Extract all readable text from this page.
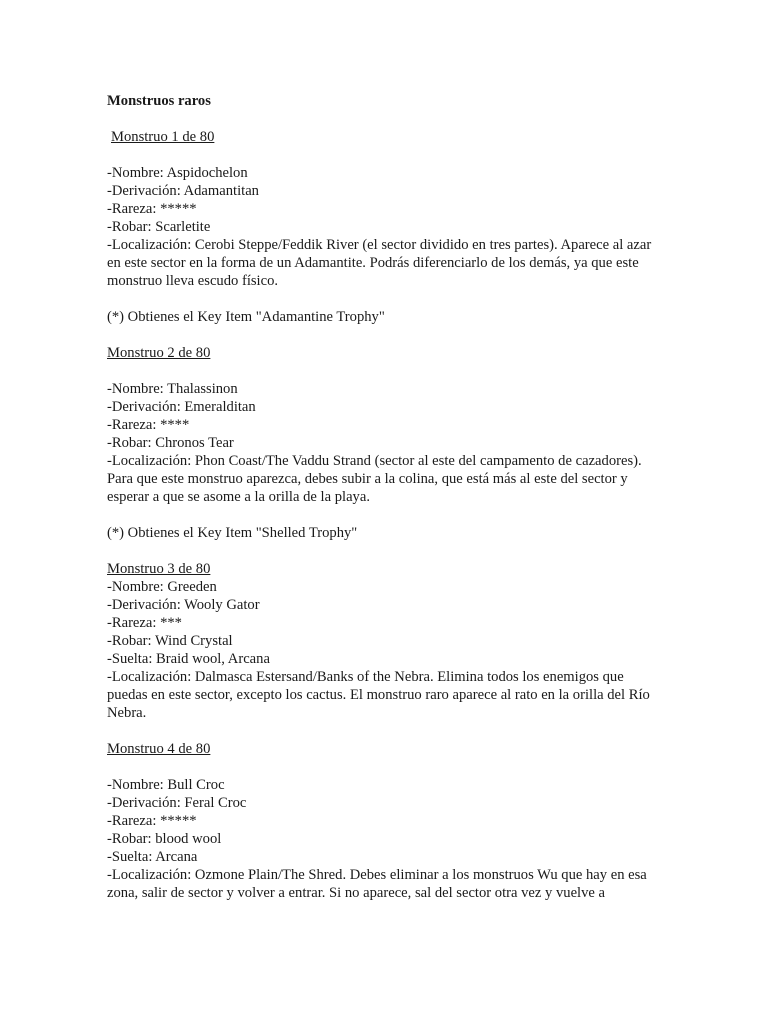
Monstruos raros
Monstruo 1 de 80
-Nombre: Aspidochelon
-Derivación: Adamantitan
-Rareza: *****
-Robar: Scarletite
-Localización: Cerobi Steppe/Feddik River (el sector dividido en tres partes). Aparece al azar en este sector en la forma de un Adamantite. Podrás diferenciarlo de los demás, ya que este monstruo lleva escudo físico.
(*) Obtienes el Key Item "Adamantine Trophy"
Monstruo 2 de 80
-Nombre: Thalassinon
-Derivación: Emeralditan
-Rareza: ****
-Robar: Chronos Tear
-Localización: Phon Coast/The Vaddu Strand (sector al este del campamento de cazadores). Para que este monstruo aparezca, debes subir a la colina, que está más al este del sector y esperar a que se asome a la orilla de la playa.
(*) Obtienes el Key Item "Shelled Trophy"
Monstruo 3 de 80
-Nombre: Greeden
-Derivación: Wooly Gator
-Rareza: ***
-Robar: Wind Crystal
-Suelta: Braid wool, Arcana
-Localización: Dalmasca Estersand/Banks of the Nebra. Elimina todos los enemigos que puedas en este sector, excepto los cactus. El monstruo raro aparece al rato en la orilla del Río Nebra.
Monstruo 4 de 80
-Nombre: Bull Croc
-Derivación: Feral Croc
-Rareza: *****
-Robar: blood wool
-Suelta: Arcana
-Localización: Ozmone Plain/The Shred. Debes eliminar a los monstruos Wu que hay en esa zona, salir de sector y volver a entrar. Si no aparece, sal del sector otra vez y vuelve a
